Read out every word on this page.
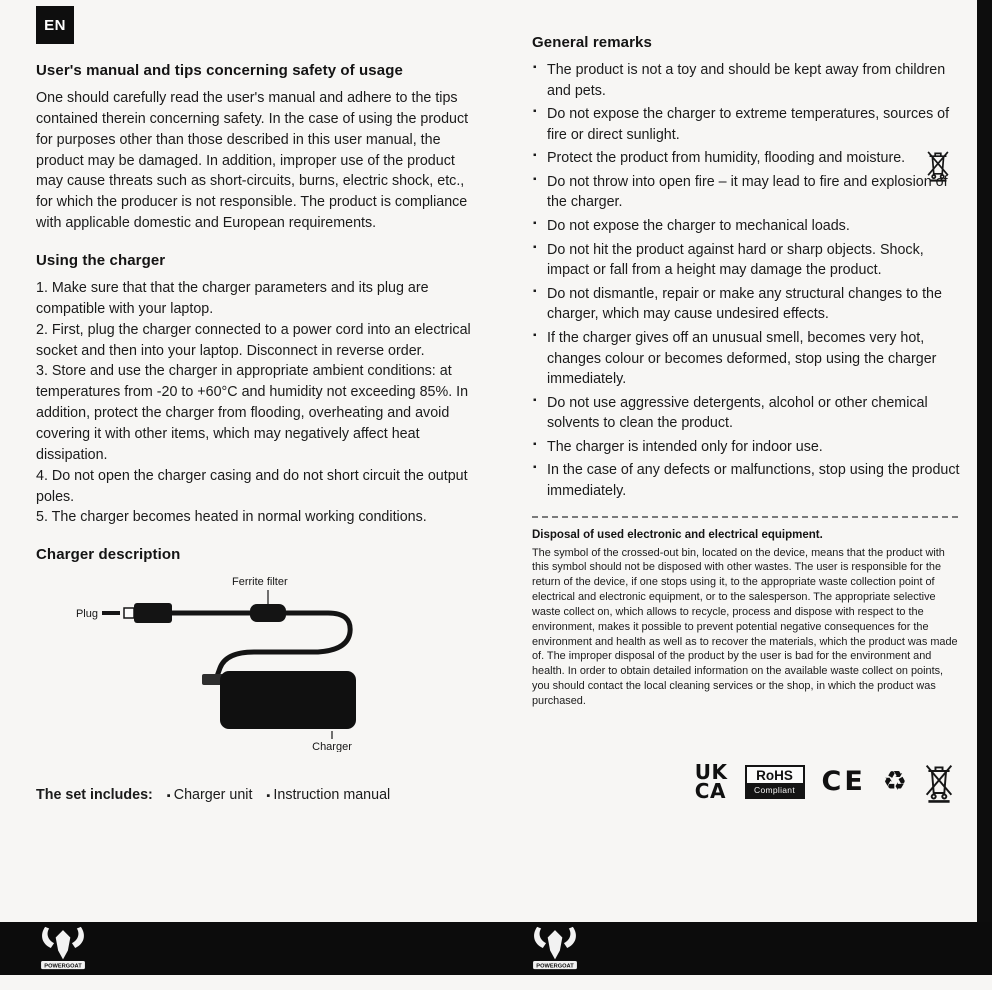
EN
User's manual and tips concerning safety of usage

One should carefully read the user's manual and adhere to the tips contained therein concerning safety. In the case of using the product for purposes other than those described in this user manual, the product may be damaged. In addition, improper use of the product may cause threats such as short-circuits, burns, electric shock, etc., for which the producer is not responsible. The product is compliance with applicable domestic and European requirements.

Using the charger

1. Make sure that that the charger parameters and its plug are compatible with your laptop.

2. First, plug the charger connected to a power cord into an electrical socket and then into your laptop. Disconnect in reverse order.

3. Store and use the charger in appropriate ambient conditions: at temperatures from -20 to +60°C and humidity not exceeding 85%. In addition, protect the charger from flooding, overheating and avoid covering it with other items, which may negatively affect heat dissipation.

4. Do not open the charger casing and do not short circuit the output poles.

5. The charger becomes heated in normal working conditions.

Charger description
Ferrite filter
Plug
Charger

The set includes: ▪ Charger unit ▪ Instruction manual

General remarks
▪ The product is not a toy and should be kept away from children and pets.
▪ Do not expose the charger to extreme temperatures, sources of fire or direct sunlight.
▪ Protect the product from humidity, flooding and moisture.
▪ Do not throw into open fire – it may lead to fire and explosion of the charger.
▪ Do not expose the charger to mechanical loads.
▪ Do not hit the product against hard or sharp objects. Shock, impact or fall from a height may damage the product.
▪ Do not dismantle, repair or make any structural changes to the charger, which may cause undesired effects.
▪ If the charger gives off an unusual smell, becomes very hot, changes colour or becomes deformed, stop using the charger immediately.
▪ Do not use aggressive detergents, alcohol or other chemical solvents to clean the product.
▪ The charger is intended only for indoor use.
▪ In the case of any defects or malfunctions, stop using the product immediately.
Disposal of used electronic and electrical equipment.

The symbol of the crossed-out bin, located on the device, means that the product with this symbol should not be disposed with other wastes. The user is responsible for the return of the device, if one stops using it, to the appropriate waste collection point of electrical and electronic equipment, or to the salesperson. The appropriate selective waste collect on, which allows to recycle, process and dispose with respect to the environment, makes it possible to prevent potential negative consequences for the environment and health as well as to recover the materials, which the product was made of. The improper disposal of the product by the user is bad for the environment and health. In order to obtain detailed information on the available waste collect on points, you should contact the local cleaning services or the shop, in which the product was purchased.

UK
CA
RoHS
Compliant CE ♻
POWERGOAT	POWERGOAT
